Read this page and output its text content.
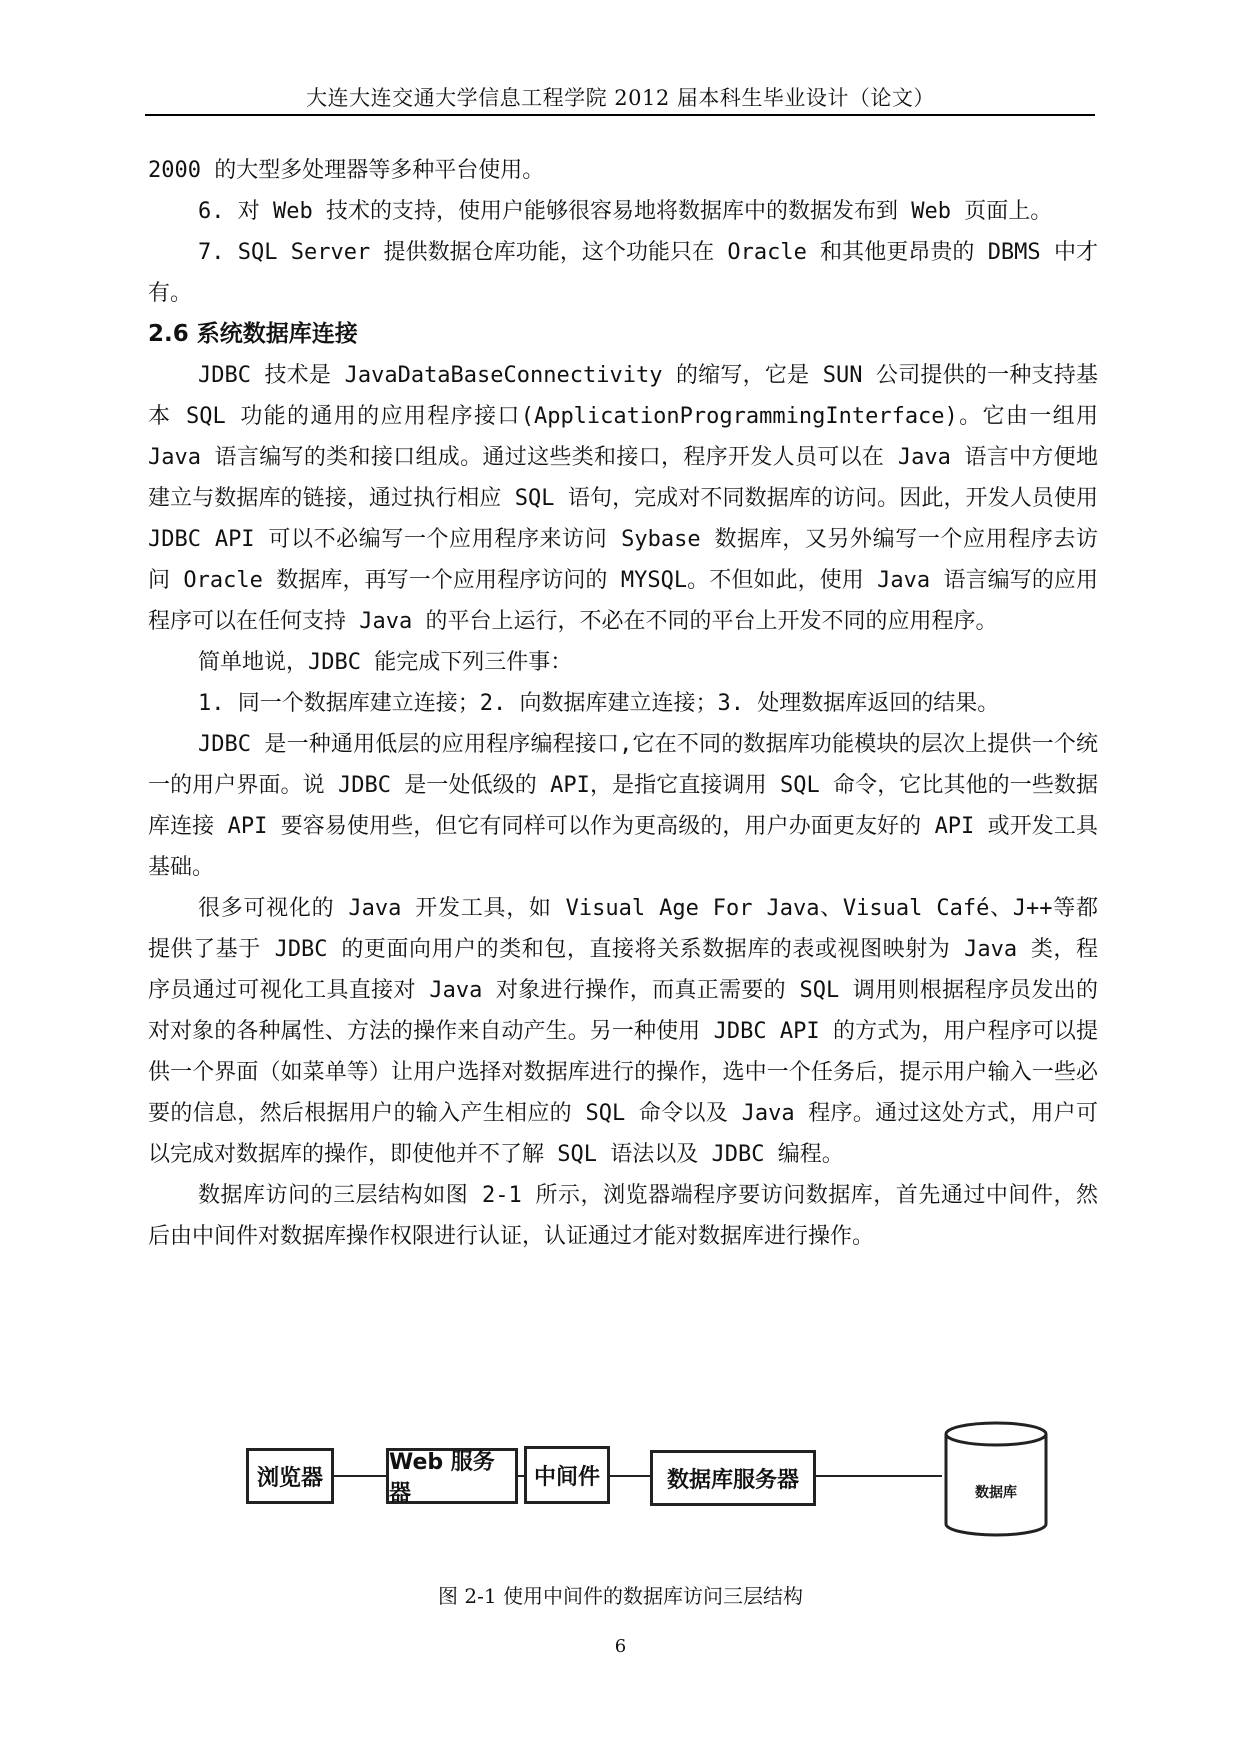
大连大连交通大学信息工程学院 2012 届本科生毕业设计（论文）

2000 的大型多处理器等多种平台使用。

6. 对 Web 技术的支持，使用户能够很容易地将数据库中的数据发布到 Web 页面上。

7. SQL Server 提供数据仓库功能，这个功能只在 Oracle 和其他更昂贵的 DBMS 中才有。

2.6 系统数据库连接

JDBC 技术是 JavaDataBaseConnectivity 的缩写，它是 SUN 公司提供的一种支持基本 SQL 功能的通用的应用程序接口(ApplicationProgrammingInterface)。它由一组用 Java 语言编写的类和接口组成。通过这些类和接口，程序开发人员可以在 Java 语言中方便地建立与数据库的链接，通过执行相应 SQL 语句，完成对不同数据库的访问。因此，开发人员使用 JDBC API 可以不必编写一个应用程序来访问 Sybase 数据库，又另外编写一个应用程序去访问 Oracle 数据库，再写一个应用程序访问的 MYSQL。不但如此，使用 Java 语言编写的应用程序可以在任何支持 Java 的平台上运行，不必在不同的平台上开发不同的应用程序。

简单地说，JDBC 能完成下列三件事：

1. 同一个数据库建立连接；2. 向数据库建立连接；3. 处理数据库返回的结果。

JDBC 是一种通用低层的应用程序编程接口,它在不同的数据库功能模块的层次上提供一个统一的用户界面。说 JDBC 是一处低级的 API，是指它直接调用 SQL 命令，它比其他的一些数据库连接 API 要容易使用些，但它有同样可以作为更高级的，用户办面更友好的 API 或开发工具基础。

很多可视化的 Java 开发工具，如 Visual Age For Java、Visual Café、J++等都提供了基于 JDBC 的更面向用户的类和包，直接将关系数据库的表或视图映射为 Java 类，程序员通过可视化工具直接对 Java 对象进行操作，而真正需要的 SQL 调用则根据程序员发出的对对象的各种属性、方法的操作来自动产生。另一种使用 JDBC API 的方式为，用户程序可以提供一个界面（如菜单等）让用户选择对数据库进行的操作，选中一个任务后，提示用户输入一些必要的信息，然后根据用户的输入产生相应的 SQL 命令以及 Java 程序。通过这处方式，用户可以完成对数据库的操作，即使他并不了解 SQL 语法以及 JDBC 编程。

数据库访问的三层结构如图 2-1 所示，浏览器端程序要访问数据库，首先通过中间件，然后由中间件对数据库操作权限进行认证，认证通过才能对数据库进行操作。

浏览器
Web 服务器
中间件	数据库服务器
数据库
图 2-1 使用中间件的数据库访问三层结构
6
